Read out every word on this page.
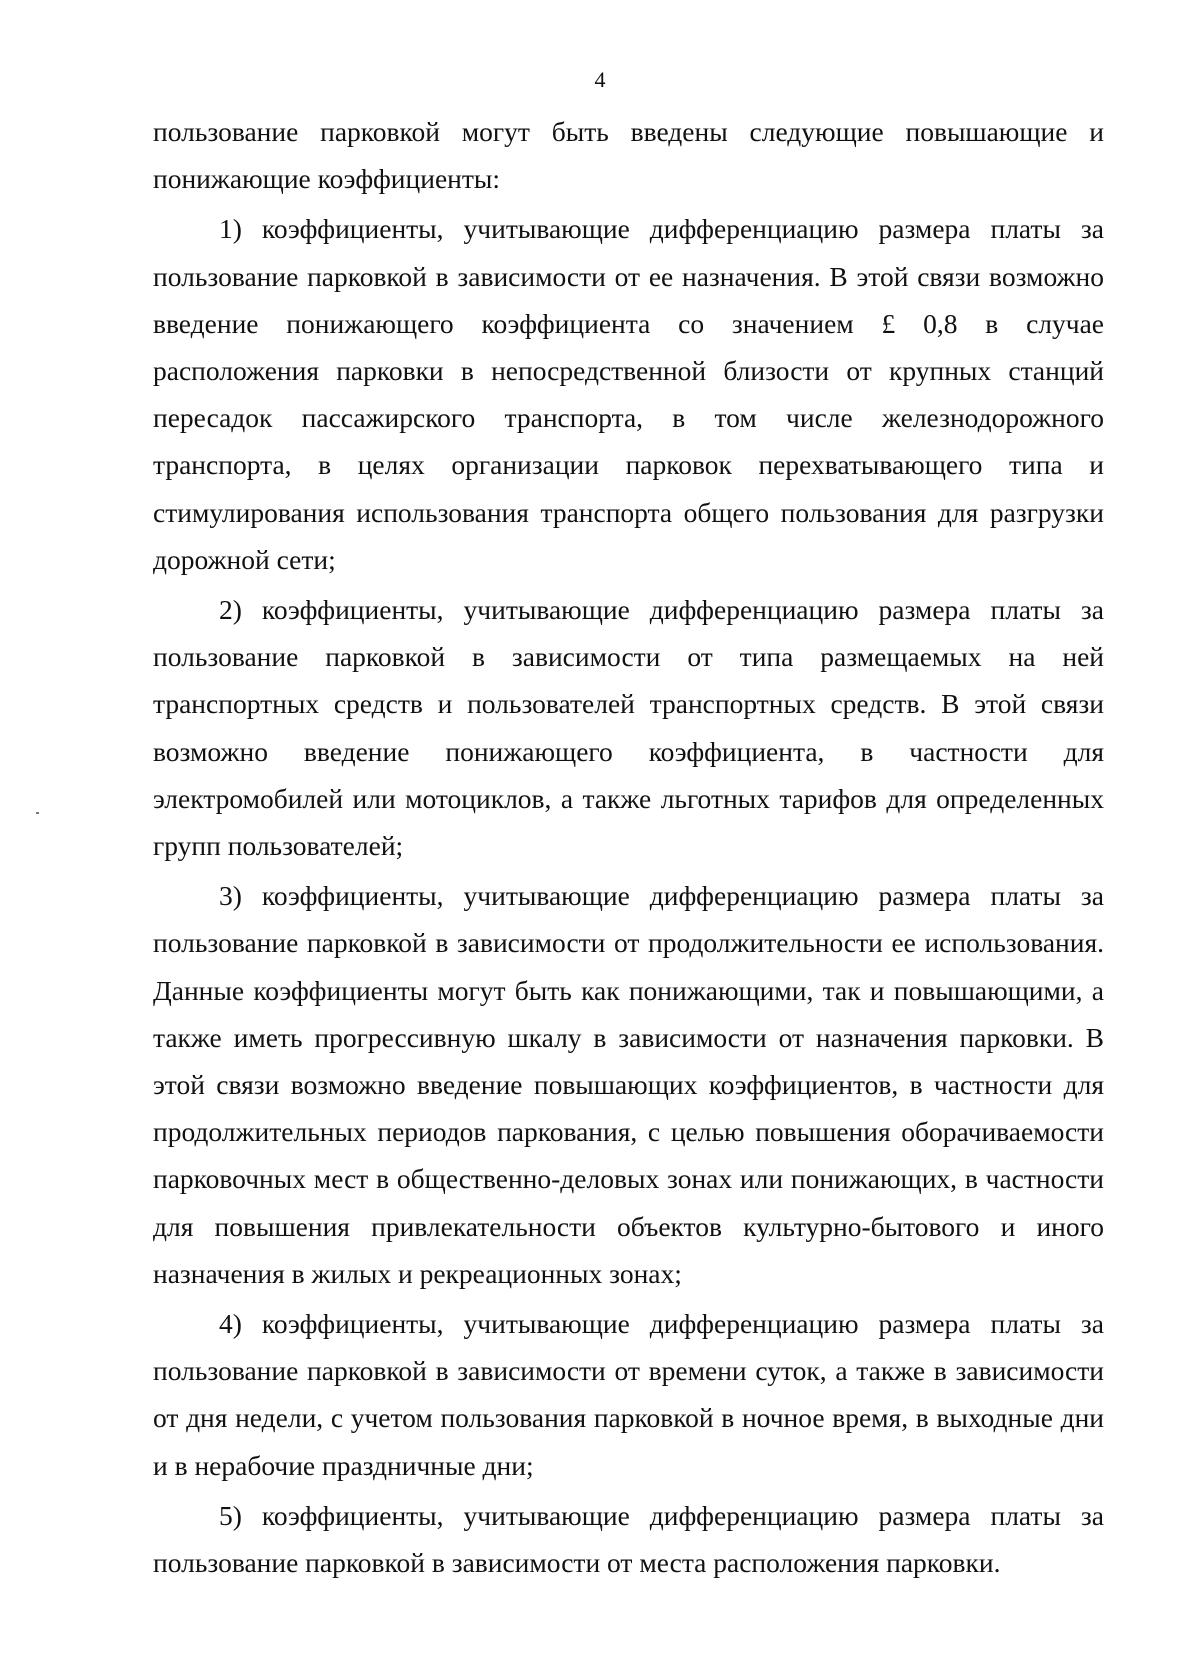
4

пользование парковкой могут быть введены следующие повышающие и понижающие коэффициенты:

1) коэффициенты, учитывающие дифференциацию размера платы за пользование парковкой в зависимости от ее назначения. В этой связи возможно введение понижающего коэффициента со значением £ 0,8 в случае расположения парковки в непосредственной близости от крупных станций пересадок пассажирского транспорта, в том числе железнодорожного транспорта, в целях организации парковок перехватывающего типа и стимулирования использования транспорта общего пользования для разгрузки дорожной сети;

2) коэффициенты, учитывающие дифференциацию размера платы за пользование парковкой в зависимости от типа размещаемых на ней транспортных средств и пользователей транспортных средств. В этой связи возможно введение понижающего коэффициента, в частности для электромобилей или мотоциклов, а также льготных тарифов для определенных групп пользователей;

3) коэффициенты, учитывающие дифференциацию размера платы за пользование парковкой в зависимости от продолжительности ее использования. Данные коэффициенты могут быть как понижающими, так и повышающими, а также иметь прогрессивную шкалу в зависимости от назначения парковки. В этой связи возможно введение повышающих коэффициентов, в частности для продолжительных периодов паркования, с целью повышения оборачиваемости парковочных мест в общественно-деловых зонах или понижающих, в частности для повышения привлекательности объектов культурно-бытового и иного назначения в жилых и рекреационных зонах;

4) коэффициенты, учитывающие дифференциацию размера платы за пользование парковкой в зависимости от времени суток, а также в зависимости от дня недели, с учетом пользования парковкой в ночное время, в выходные дни и в нерабочие праздничные дни;

5) коэффициенты, учитывающие дифференциацию размера платы за пользование парковкой в зависимости от места расположения парковки.
